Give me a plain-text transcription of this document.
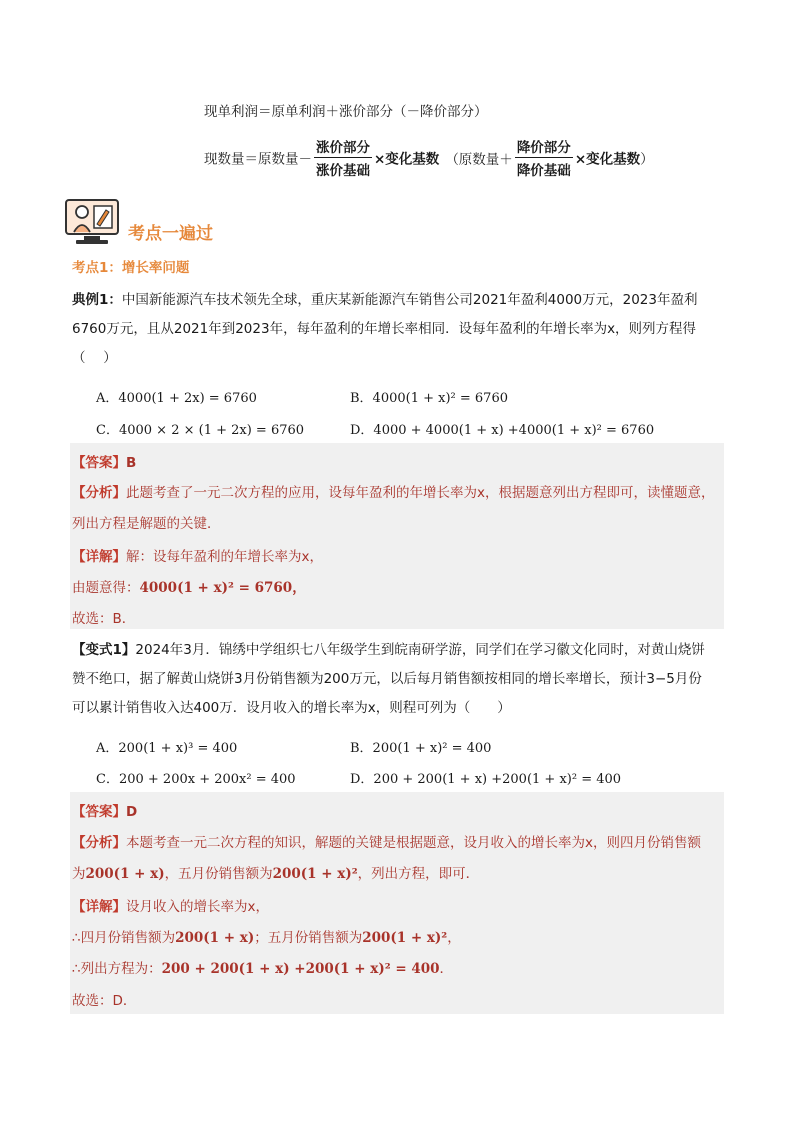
现单利润＝原单利润＋涨价部分（－降价部分）
现数量＝原数量－ $\frac{\text{涨价部分}}{\text{涨价基础}}$ ×变化基数 （原数量＋ $\frac{\text{降价部分}}{\text{降价基础}}$ ×变化基数）
考点一遍过
考点1：增长率问题
典例1：中国新能源汽车技术领先全球，重庆某新能源汽车销售公司2021年盈利4000万元，2023年盈利
6760万元，且从2021年到2023年，每年盈利的年增长率相同．设每年盈利的年增长率为x，则列方程得
（　 ）
A．4000(1 + 2x) = 6760	B．4000(1 + x)² = 6760
C．4000 × 2 × (1 + 2x) = 6760	D．4000 + 4000(1 + x) +4000(1 + x)² = 6760
【答案】B
【分析】此题考查了一元二次方程的应用，设每年盈利的年增长率为x，根据题意列出方程即可，读懂题意，
列出方程是解题的关键．
【详解】解：设每年盈利的年增长率为x，
由题意得：4000(1 + x)² = 6760，
故选：B．
【变式1】2024年3月．锦绣中学组织七八年级学生到皖南研学游，同学们在学习徽文化同时，对黄山烧饼
赞不绝口，据了解黄山烧饼3月份销售额为200万元，以后每月销售额按相同的增长率增长，预计3−5月份
可以累计销售收入达400万．设月收入的增长率为x，则程可列为（　　）
A．200(1 + x)³ = 400	B．200(1 + x)² = 400
C．200 + 200x + 200x² = 400	D．200 + 200(1 + x) +200(1 + x)² = 400
【答案】D
【分析】本题考查一元二次方程的知识，解题的关键是根据题意，设月收入的增长率为x，则四月份销售额
为200(1 + x)，五月份销售额为200(1 + x)²，列出方程，即可．
【详解】设月收入的增长率为x，
∴四月份销售额为200(1 + x)；五月份销售额为200(1 + x)²，
∴列出方程为：200 + 200(1 + x) +200(1 + x)² = 400．
故选：D．
